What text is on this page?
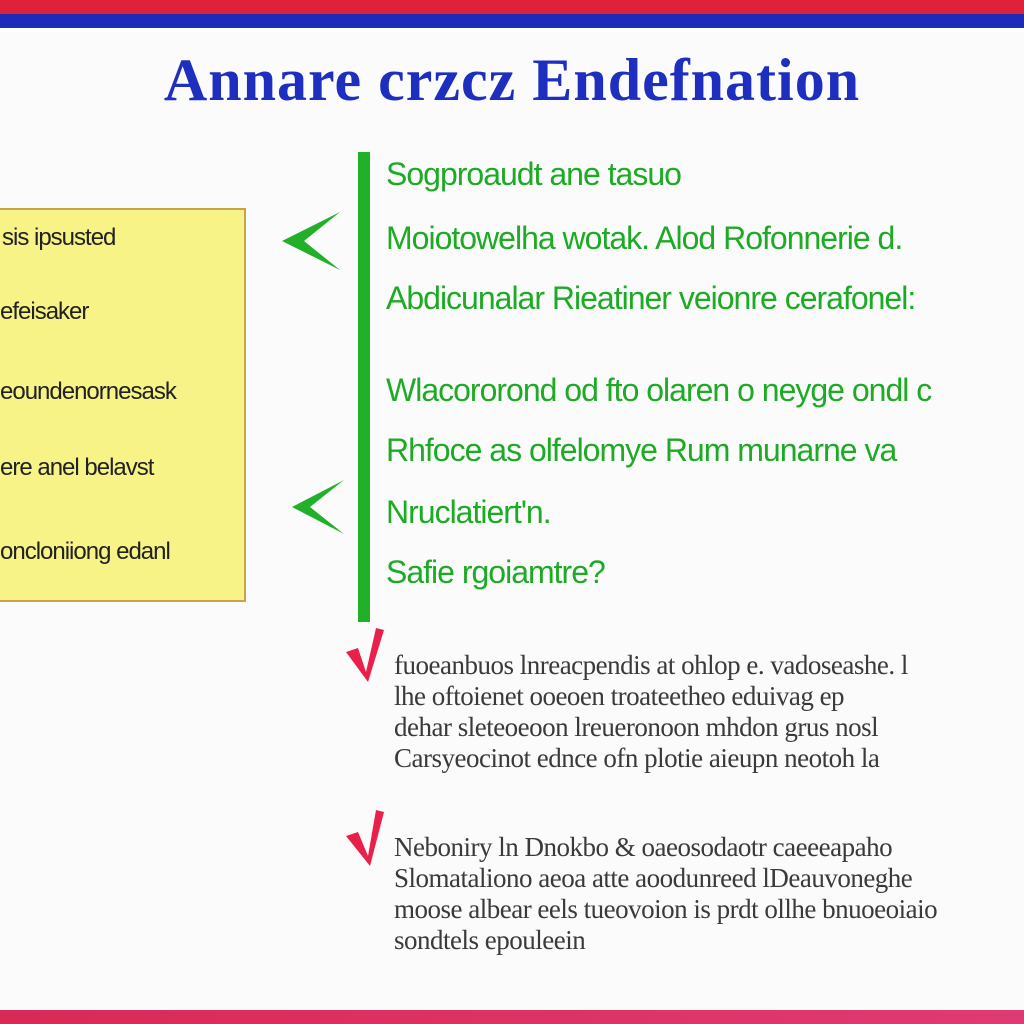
Annare crzcz Endefnation
sis ipsusted
efeisaker
eoundenornesask
ere anel belavst
oncloniiong edanl
Sogproaudt ane tasuo
Moiotowelha wotak. Alod Rofonnerie d.
Abdicunalar Rieatiner veionre cerafonel:
Wlacororond od fto olaren o neyge ondl c
Rhfoce as olfelomye Rum munarne va
Nruclatiert'n.
Safie rgoiamtre?
fuoeanbuos lnreacpendis at ohlop e. vadoseashe. l
lhe oftoienet ooeoen troateetheo eduivag ep
dehar sleteoeoon lreueronoon mhdon grus nosl
Carsyeocinot ednce ofn plotie aieupn neotoh la
Neboniry ln Dnokbo & oaeosodaotr caeeeapaho
Slomataliono aeoa atte aoodunreed lDeauvoneghe
moose albear eels tueovoion is prdt ollhe bnuoeoiaio
sondtels epouleein
